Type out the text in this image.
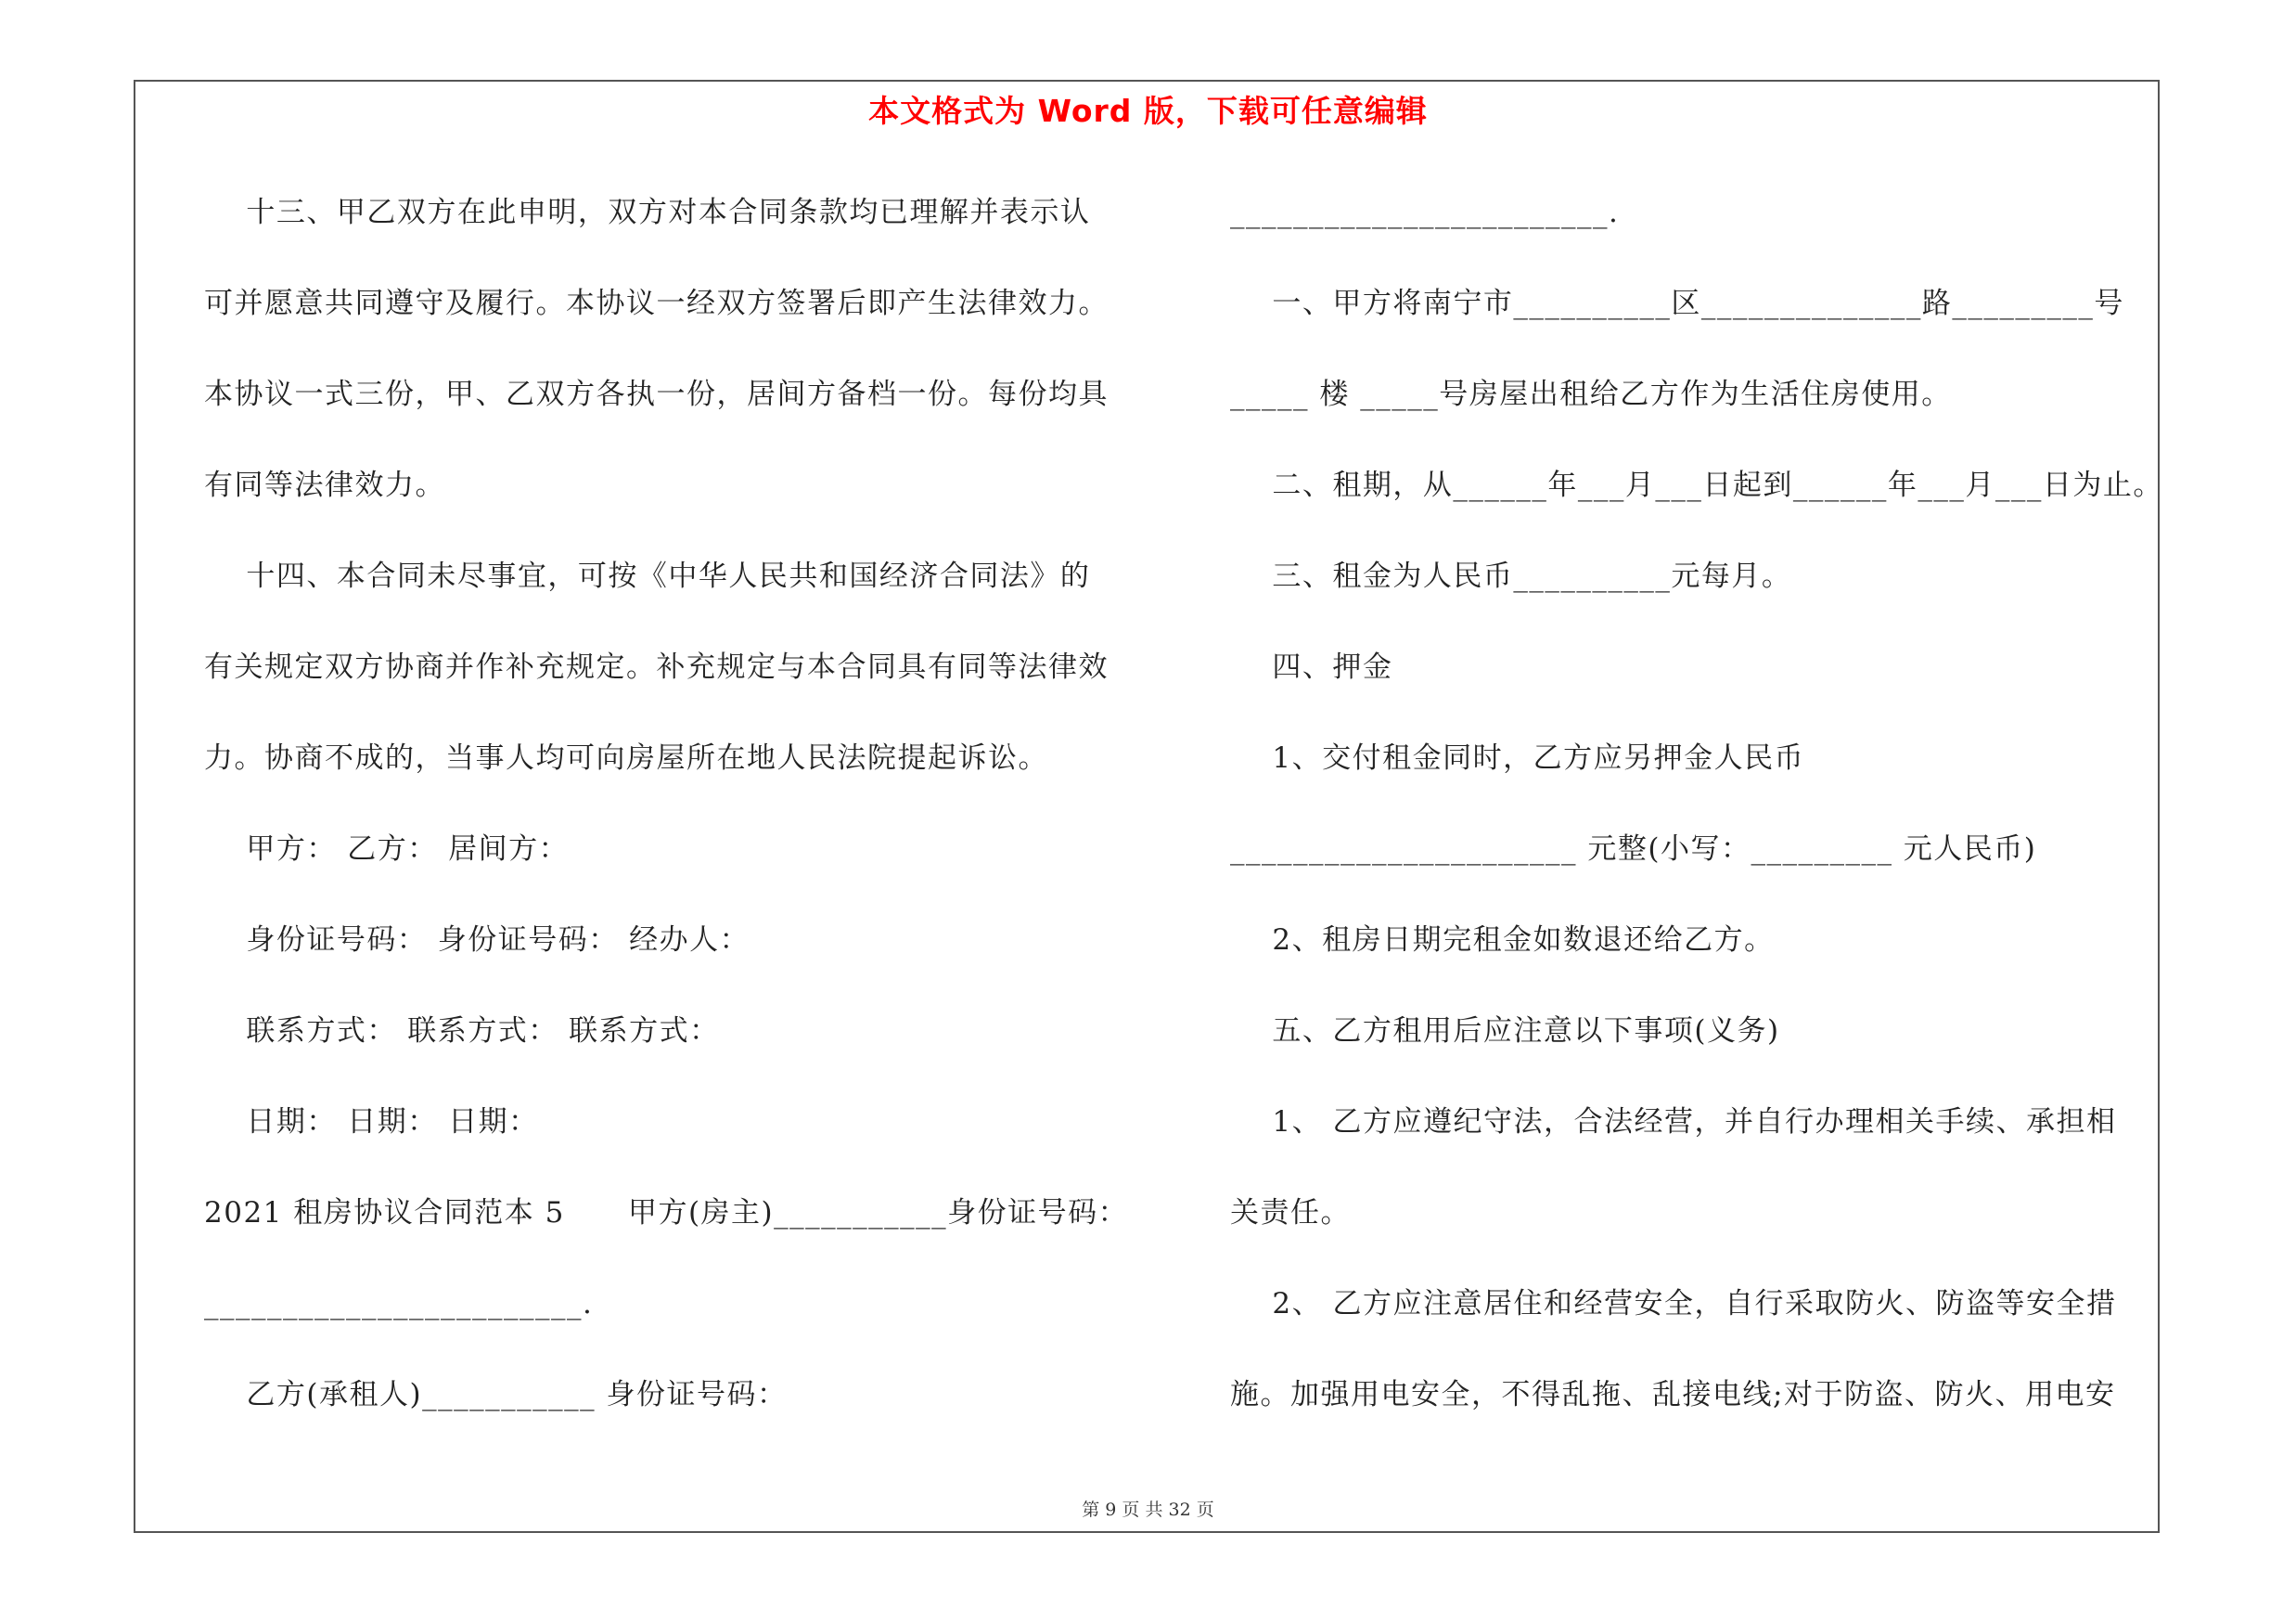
本文格式为 Word 版，下载可任意编辑
十三、甲乙双方在此申明，双方对本合同条款均已理解并表示认
可并愿意共同遵守及履行。本协议一经双方签署后即产生法律效力。
本协议一式三份，甲、乙双方各执一份，居间方备档一份。每份均具
有同等法律效力。
十四、本合同未尽事宜，可按《中华人民共和国经济合同法》的
有关规定双方协商并作补充规定。补充规定与本合同具有同等法律效
力。协商不成的，当事人均可向房屋所在地人民法院提起诉讼。
甲方： 乙方： 居间方：
身份证号码： 身份证号码： 经办人：
联系方式： 联系方式： 联系方式：
日期： 日期： 日期：
2021 租房协议合同范本 5      甲方(房主)___________身份证号码：
________________________.
乙方(承租人)___________ 身份证号码：
________________________.
一、甲方将南宁市__________区______________路_________号
_____ 楼 _____号房屋出租给乙方作为生活住房使用。
二、租期，从______年___月___日起到______年___月___日为止。
三、租金为人民币__________元每月。
四、押金
1、交付租金同时，乙方应另押金人民币
______________________ 元整(小写：_________ 元人民币)
2、租房日期完租金如数退还给乙方。
五、乙方租用后应注意以下事项(义务)
1、 乙方应遵纪守法，合法经营，并自行办理相关手续、承担相
关责任。
2、 乙方应注意居住和经营安全，自行采取防火、防盗等安全措
施。加强用电安全，不得乱拖、乱接电线;对于防盗、防火、用电安
第 9 页 共 32 页
